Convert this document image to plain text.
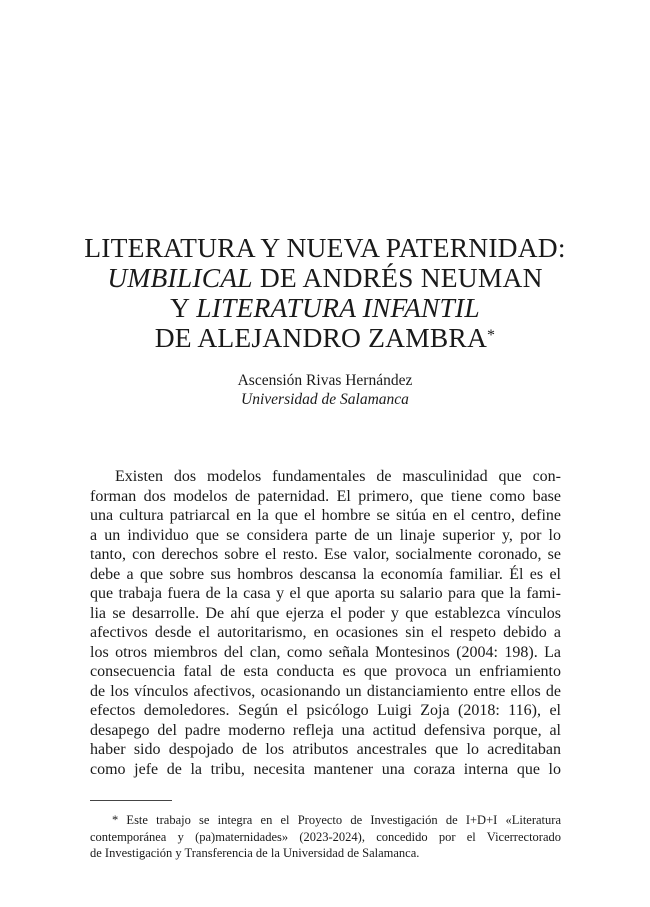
LITERATURA Y NUEVA PATERNIDAD:
UMBILICAL DE ANDRÉS NEUMAN
Y LITERATURA INFANTIL
DE ALEJANDRO ZAMBRA*
Ascensión Rivas Hernández
Universidad de Salamanca
Existen dos modelos fundamentales de masculinidad que con-
forman dos modelos de paternidad. El primero, que tiene como base
una cultura patriarcal en la que el hombre se sitúa en el centro, define
a un individuo que se considera parte de un linaje superior y, por lo
tanto, con derechos sobre el resto. Ese valor, socialmente coronado, se
debe a que sobre sus hombros descansa la economía familiar. Él es el
que trabaja fuera de la casa y el que aporta su salario para que la fami-
lia se desarrolle. De ahí que ejerza el poder y que establezca vínculos
afectivos desde el autoritarismo, en ocasiones sin el respeto debido a
los otros miembros del clan, como señala Montesinos (2004: 198). La
consecuencia fatal de esta conducta es que provoca un enfriamiento
de los vínculos afectivos, ocasionando un distanciamiento entre ellos de
efectos demoledores. Según el psicólogo Luigi Zoja (2018: 116), el
desapego del padre moderno refleja una actitud defensiva porque, al
haber sido despojado de los atributos ancestrales que lo acreditaban
como jefe de la tribu, necesita mantener una coraza interna que lo
* Este trabajo se integra en el Proyecto de Investigación de I+D+I «Literatura
contemporánea y (pa)maternidades» (2023-2024), concedido por el Vicerrectorado
de Investigación y Transferencia de la Universidad de Salamanca.
